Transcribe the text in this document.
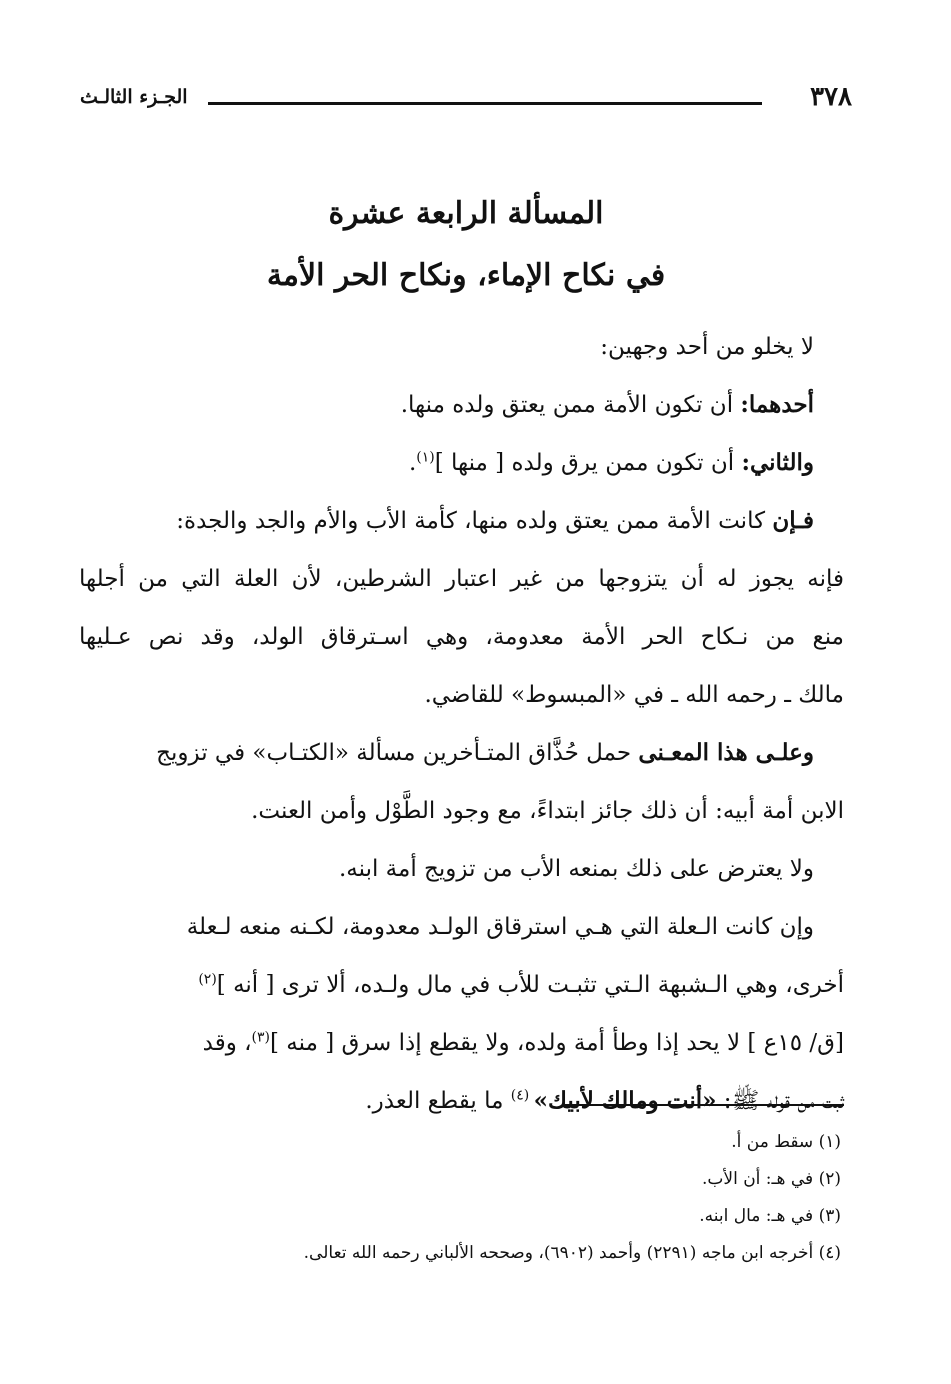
٣٧٨
الجـزء الثالـث
المسألة الرابعة عشرة
في نكاح الإماء، ونكاح الحر الأمة
لا يخلو من أحد وجهين:
أحدهما: أن تكون الأمة ممن يعتق ولده منها.
والثاني: أن تكون ممن يرق ولده [ منها ]$^{(١)}$.
فـإن كانت الأمة ممن يعتق ولده منها، كأمة الأب والأم والجد والجدة:
فإنه يجوز له أن يتزوجها من غير اعتبار الشرطين، لأن العلة التي من أجلها
منع من نـكاح الحر الأمة معدومة، وهي اسـترقاق الولد، وقد نص عـليها
مالك ـ رحمه الله ـ في «المبسوط» للقاضي.
وعلـى هذا المعـنى حمل حُذَّاق المتـأخرين مسألة «الكتـاب» في تزويج
الابن أمة أبيه: أن ذلك جائز ابتداءً، مع وجود الطَّوْل وأمن العنت.
ولا يعترض على ذلك بمنعه الأب من تزويج أمة ابنه.
وإن كانت الـعلة التي هـي استرقاق الولـد معدومة، لكـنه منعه لـعلة
أخرى، وهي الـشبهة الـتي تثبـت للأب في مال ولـده، ألا ترى [ أنه ]$^{(٢)}$
[ق/ ١٥ع ] لا يحد إذا وطأ أمة ولده، ولا يقطع إذا سرق [ منه ]$^{(٣)}$، وقد
ثبت من قوله ﷺ: «أنت ومالك لأبيك» $^{(٤)}$ ما يقطع العذر.
(١) سقط من أ.
(٢) في هـ: أن الأب.
(٣) في هـ: مال ابنه.
(٤) أخرجه ابن ماجه (٢٢٩١) وأحمد (٦٩٠٢)، وصححه الألباني رحمه الله تعالى.
